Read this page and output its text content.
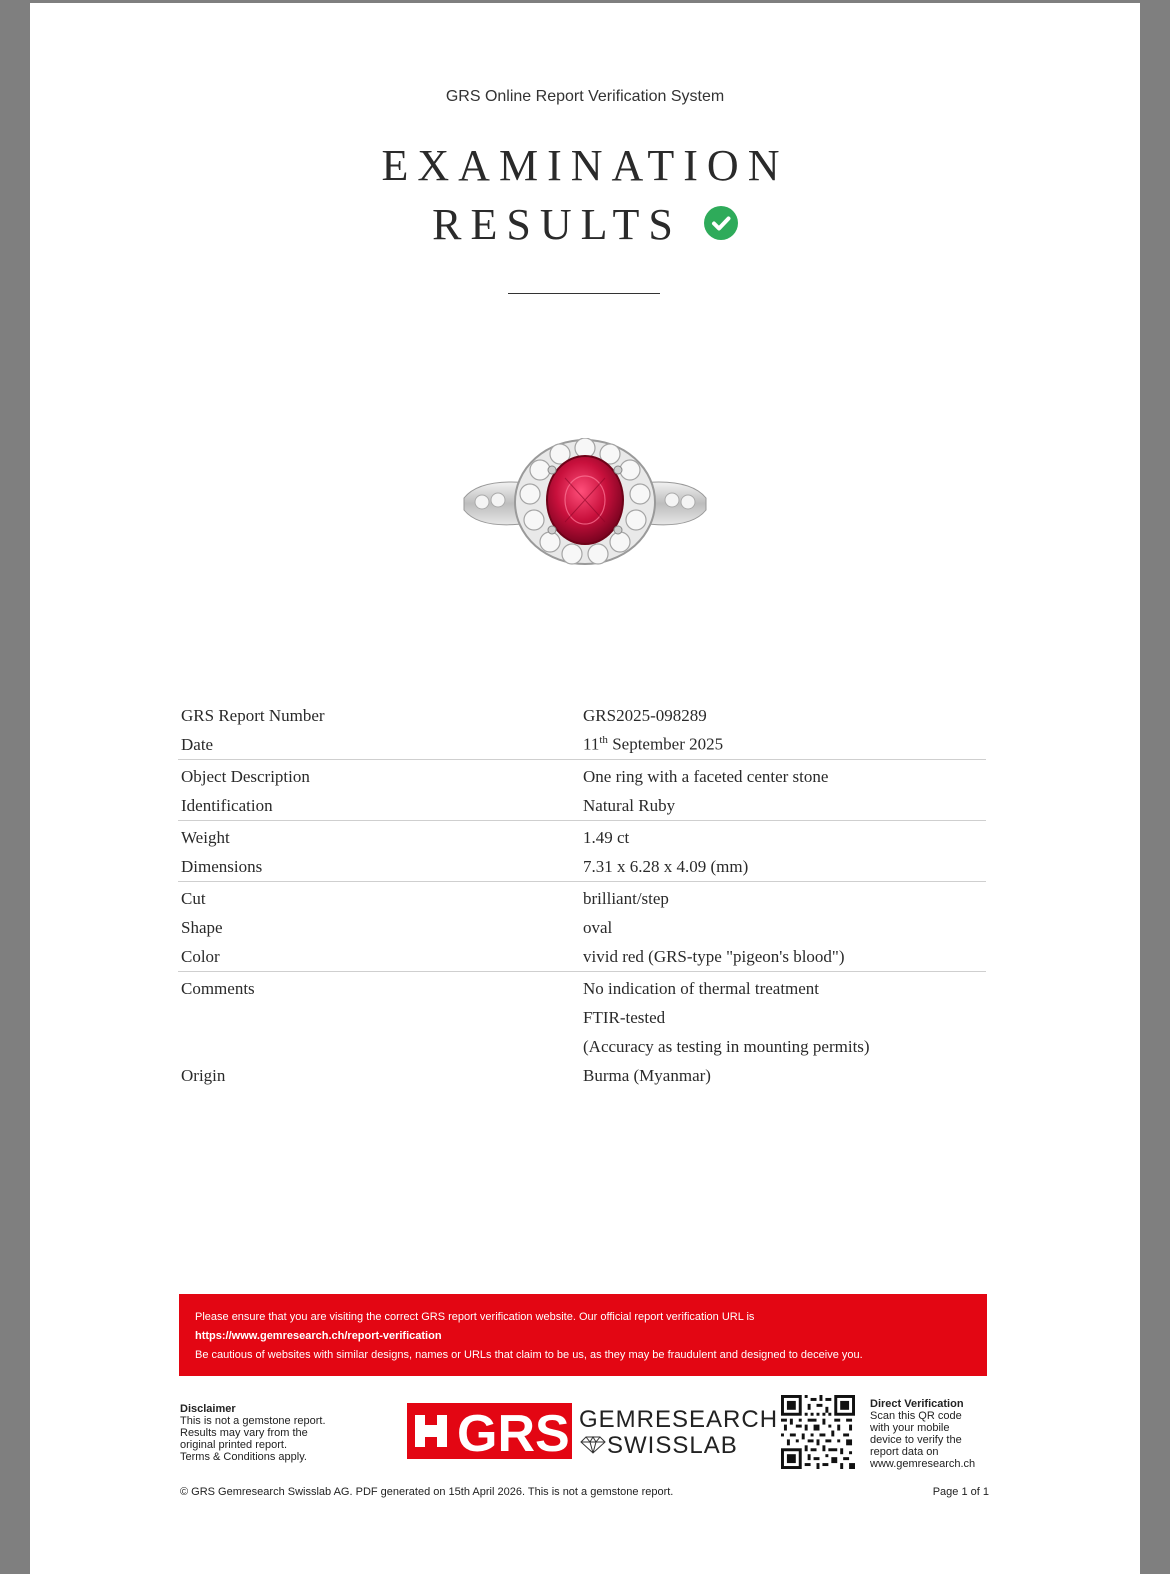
GRS Online Report Verification System
EXAMINATION
RESULTS
GRS Report Number	GRS2025-098289
Date	11th September 2025
Object Description	One ring with a faceted center stone
Identification	Natural Ruby
Weight	1.49 ct
Dimensions	7.31 x 6.28 x 4.09 (mm)
Cut	brilliant/step
Shape	oval
Color	vivid red (GRS-type "pigeon's blood")
Comments	No indication of thermal treatment
	FTIR-tested
	(Accuracy as testing in mounting permits)
Origin	Burma (Myanmar)
Please ensure that you are visiting the correct GRS report verification website. Our official report verification URL is
https://www.gemresearch.ch/report-verification
Be cautious of websites with similar designs, names or URLs that claim to be us, as they may be fraudulent and designed to deceive you.
Disclaimer
This is not a gemstone report.
Results may vary from the
original printed report.
Terms & Conditions apply.	GRS GEMRESEARCH
SWISSLAB
Direct Verification
Scan this QR code
with your mobile
device to verify the
report data on
www.gemresearch.ch
© GRS Gemresearch Swisslab AG. PDF generated on 15th April 2026. This is not a gemstone report.	Page 1 of 1
